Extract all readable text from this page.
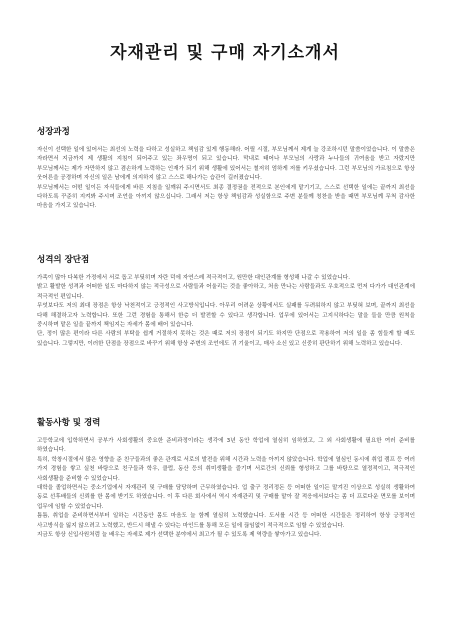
자재관리 및 구매 자기소개서
성장과정

자신이 선택한 일에 있어서는 최선의 노력을 다하고 성실하고 책임감 있게 행동해라. 어릴 시절, 부모님께서 제게 늘 강조하시던 말씀이었습니다. 이 말씀은 자라면서 지금까지 제 생활의 지침이 되어주고 있는 좌우명이 되고 있습니다. 막내로 태어나 부모님의 사랑과 누나들의 귀여움을 받고 자랐지만 부모님께서는 제가 자만하지 않고 겸손하게 노력하는 인재가 되기 위해 생활에 있어서는 철저히 엄하게 저를 키우셨습니다. 그런 부모님의 가르침으로 항상 웃어른을 공경하며 자신의 일은 남에게 의지하지 않고 스스로 해나가는 습관이 길러졌습니다.

부모님께서는 어떤 일이든 자식들에게 바른 지침을 일깨워 주시면서도 최종 결정권을 전적으로 본인에게 맡기기고, 스스로 선택한 일에는 끝까지 최선을 다하도록 꾸준히 지켜봐 주시며 조언을 아끼지 않으십니다. 그래서 저는 항상 책임감과 성실함으로 주변 분들께 칭찬을 받을 때면 부모님께 무척 감사한 마음을 가지고 있습니다.

성격의 장단점

가족이 많아 다복한 가정에서 서로 돕고 부딪히며 자란 덕에 자연스레 적극적이고, 원만한 대인관계를 형성해 나갈 수 있었습니다.

밝고 활발한 성격과 어떠한 일도 마다하지 않는 적극성으로 사람들과 어울리는 것을 좋아하고, 처음 만나는 사람들과도 우호적으로 먼저 다가가 대인관계에 적극적인 편입니다.

무엇보다도 저의 최대 장점은 항상 낙천적이고 긍정적인 사고방식입니다. 아무리 어려운 상황에서도 실패를 두려워하지 않고 부딪혀 보며, 끝까지 최선을 다해 해결하고자 노력합니다. 또한 그런 경험을 통해서 한층 더 발전할 수 있다고 생각합니다. 업무에 있어서는 고지식하다는 말을 들을 만큼 원칙을 중시하며 맡은 일을 끝까지 책임지는 자세가 몸에 배어 있습니다.

단, 정이 많은 편이라 다른 사람의 부탁을 쉽게 거절하지 못하는 것은 때로 저의 장점이 되기도 하지만 단점으로 작용하여 저의 일을 좀 힘들게 할 때도 있습니다. 그렇지만, 이러한 단점을 장점으로 바꾸기 위해 항상 주변의 조언에도 귀 기울이고, 매사 소신 있고 신중히 판단하기 위해 노력하고 있습니다.

활동사항 및 경력

고등학교에 입학하면서 공부가 사회생활의 중요한 준비과정이라는 생각에 3년 동안 학업에 열심히 임하였고, 그 외 사회생활에 필요한 여러 준비를 하였습니다.

특히, 학창시절에서 많은 영향을 준 친구들과의 좋은 관계로 서로의 발전을 위해 시간과 노력을 아끼지 않았습니다. 학업에 열심인 동시에 취업 캠프 등 여러 가지 경험을 쌓고 실천 바탕으로 친구들과 학우, 클럽, 동산 등의 취미생활을 즐기며 서로간의 신뢰를 형성하고 그를 바탕으로 열정적이고, 적극적인 사회생활을 준비할 수 있었습니다.

대학을 졸업하면서는 중소기업에서 자재관리 및 구매를 담당하며 근무하였습니다. 업 출구 정리정돈 등 어떠한 일이든 맡겨진 이상으로 성실히 생활하여 동료 선후배들의 신뢰를 한 몸에 받기도 하였습니다. 이 후 다른 회사에서 역시 자재관리 및 구매를 맡아 잘 적응에서보다는 좀 더 프로다운 면모를 보이며 업무에 임할 수 있었습니다.

틈틈, 취업을 준비하면서부터 일하는 시간동안 몸도 마음도 늘 함께 열심히 노력했습니다. 도서를 시간 등 어떠한 시간들은 정리하여 항상 긍정적인 사고방식을 잃지 않으려고 노력했고, 반드시 해낼 수 있다는 마인드를 통해 모든 일에 끊임없이 적극적으로 임할 수 있었습니다.

지금도 항상 신입사원처럼 늘 배우는 자세로 제가 선택한 분야에서 최고가 될 수 있도록 제 역량을 쌓아가고 있습니다.
